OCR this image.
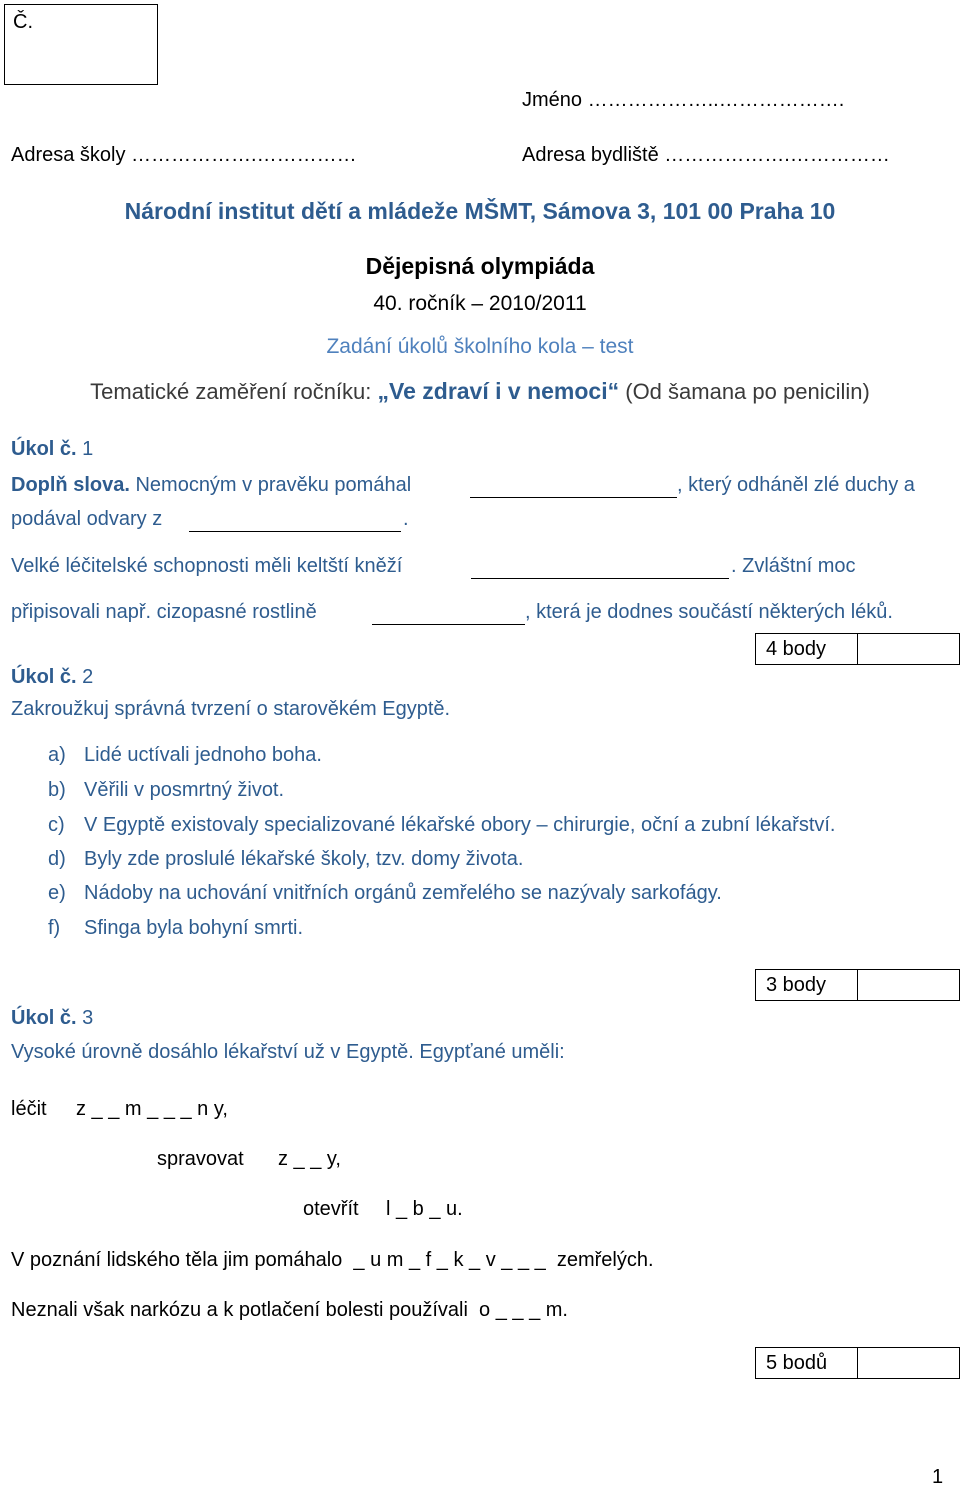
Č.
Jméno ………………..……………….
Adresa školy ……………….……………	Adresa bydliště ……………….……………
Národní institut dětí a mládeže MŠMT, Sámova 3, 101 00 Praha 10
Dějepisná olympiáda
40. ročník – 2010/2011
Zadání úkolů školního kola – test
Tematické zaměření ročníku: „Ve zdraví i v nemoci“ (Od šamana po penicilin)
Úkol č. 1
Doplň slova. Nemocným v pravěku pomáhal	, který odháněl zlé duchy a
podával odvary z	.
Velké léčitelské schopnosti měli keltští kněží	. Zvláštní moc
připisovali např. cizopasné rostlině	, která je dodnes součástí některých léků.
4 body
Úkol č. 2
Zakroužkuj správná tvrzení o starověkém Egyptě.
a) Lidé uctívali jednoho boha.
b) Věřili v posmrtný život.
c) V Egyptě existovaly specializované lékařské obory – chirurgie, oční a zubní lékařství.
d) Byly zde proslulé lékařské školy, tzv. domy života.
e) Nádoby na uchování vnitřních orgánů zemřelého se nazývaly sarkofágy.
f) Sfinga byla bohyní smrti.
3 body
Úkol č. 3
Vysoké úrovně dosáhlo lékařství už v Egyptě. Egypťané uměli:
léčit z _ _ m _ _ _ n y,
spravovat z _ _ y,
otevřít l _ b _ u.
V poznání lidského těla jim pomáhalo  _ u m _ f _ k _ v _ _ _  zemřelých.
Neznali však narkózu a k potlačení bolesti používali  o _ _ _ m.
5 bodů
1
